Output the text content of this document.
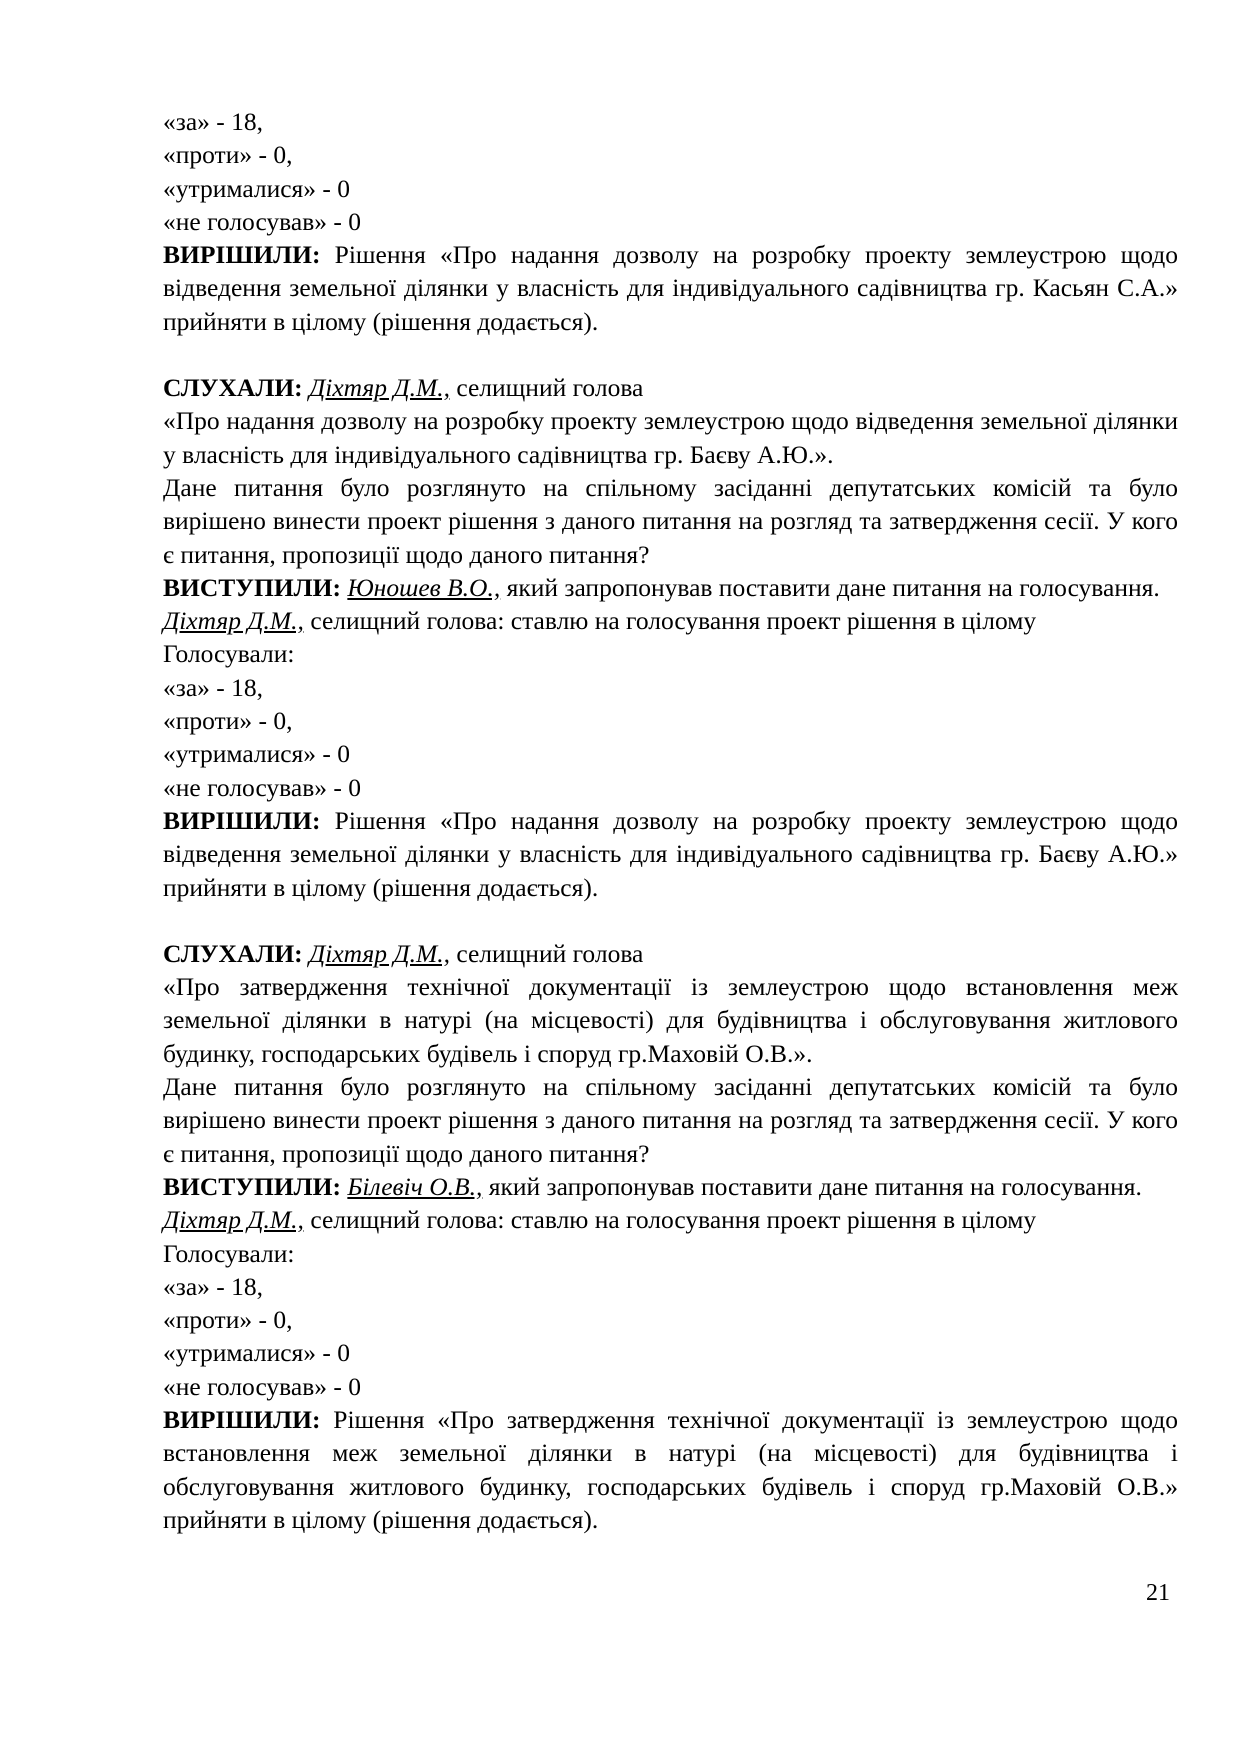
«за» - 18,

«проти» - 0,

«утрималися» - 0

«не голосував» - 0

ВИРІШИЛИ: Рішення «Про надання дозволу на розробку проекту землеустрою щодо відведення земельної ділянки у власність для індивідуального садівництва гр. Касьян С.А.» прийняти в цілому (рішення додається).

СЛУХАЛИ: Діхтяр Д.М., селищний голова

«Про надання дозволу на розробку проекту землеустрою щодо відведення земельної ділянки у власність для індивідуального садівництва гр. Баєву А.Ю.».

Дане питання було розглянуто на спільному засіданні депутатських комісій та було вирішено винести проект рішення з даного питання на розгляд та затвердження сесії. У кого є питання, пропозиції щодо даного питання?

ВИСТУПИЛИ: Юношев В.О., який запропонував поставити дане питання на голосування.

Діхтяр Д.М., селищний голова: ставлю на голосування проект рішення в цілому

Голосували:

«за» - 18,

«проти» - 0,

«утрималися» - 0

«не голосував» - 0

ВИРІШИЛИ: Рішення «Про надання дозволу на розробку проекту землеустрою щодо відведення земельної ділянки у власність для індивідуального садівництва гр. Баєву А.Ю.» прийняти в цілому (рішення додається).

СЛУХАЛИ: Діхтяр Д.М., селищний голова

«Про затвердження технічної документації із землеустрою щодо встановлення меж земельної ділянки в натурі (на місцевості) для будівництва і обслуговування житлового будинку, господарських будівель і споруд гр.Маховій О.В.».

Дане питання було розглянуто на спільному засіданні депутатських комісій та було вирішено винести проект рішення з даного питання на розгляд та затвердження сесії. У кого є питання, пропозиції щодо даного питання?

ВИСТУПИЛИ: Білевіч О.В., який запропонував поставити дане питання на голосування.

Діхтяр Д.М., селищний голова: ставлю на голосування проект рішення в цілому

Голосували:

«за» - 18,

«проти» - 0,

«утрималися» - 0

«не голосував» - 0

ВИРІШИЛИ: Рішення «Про затвердження технічної документації із землеустрою щодо встановлення меж земельної ділянки в натурі (на місцевості) для будівництва і обслуговування житлового будинку, господарських будівель і споруд гр.Маховій О.В.» прийняти в цілому (рішення додається).

21
